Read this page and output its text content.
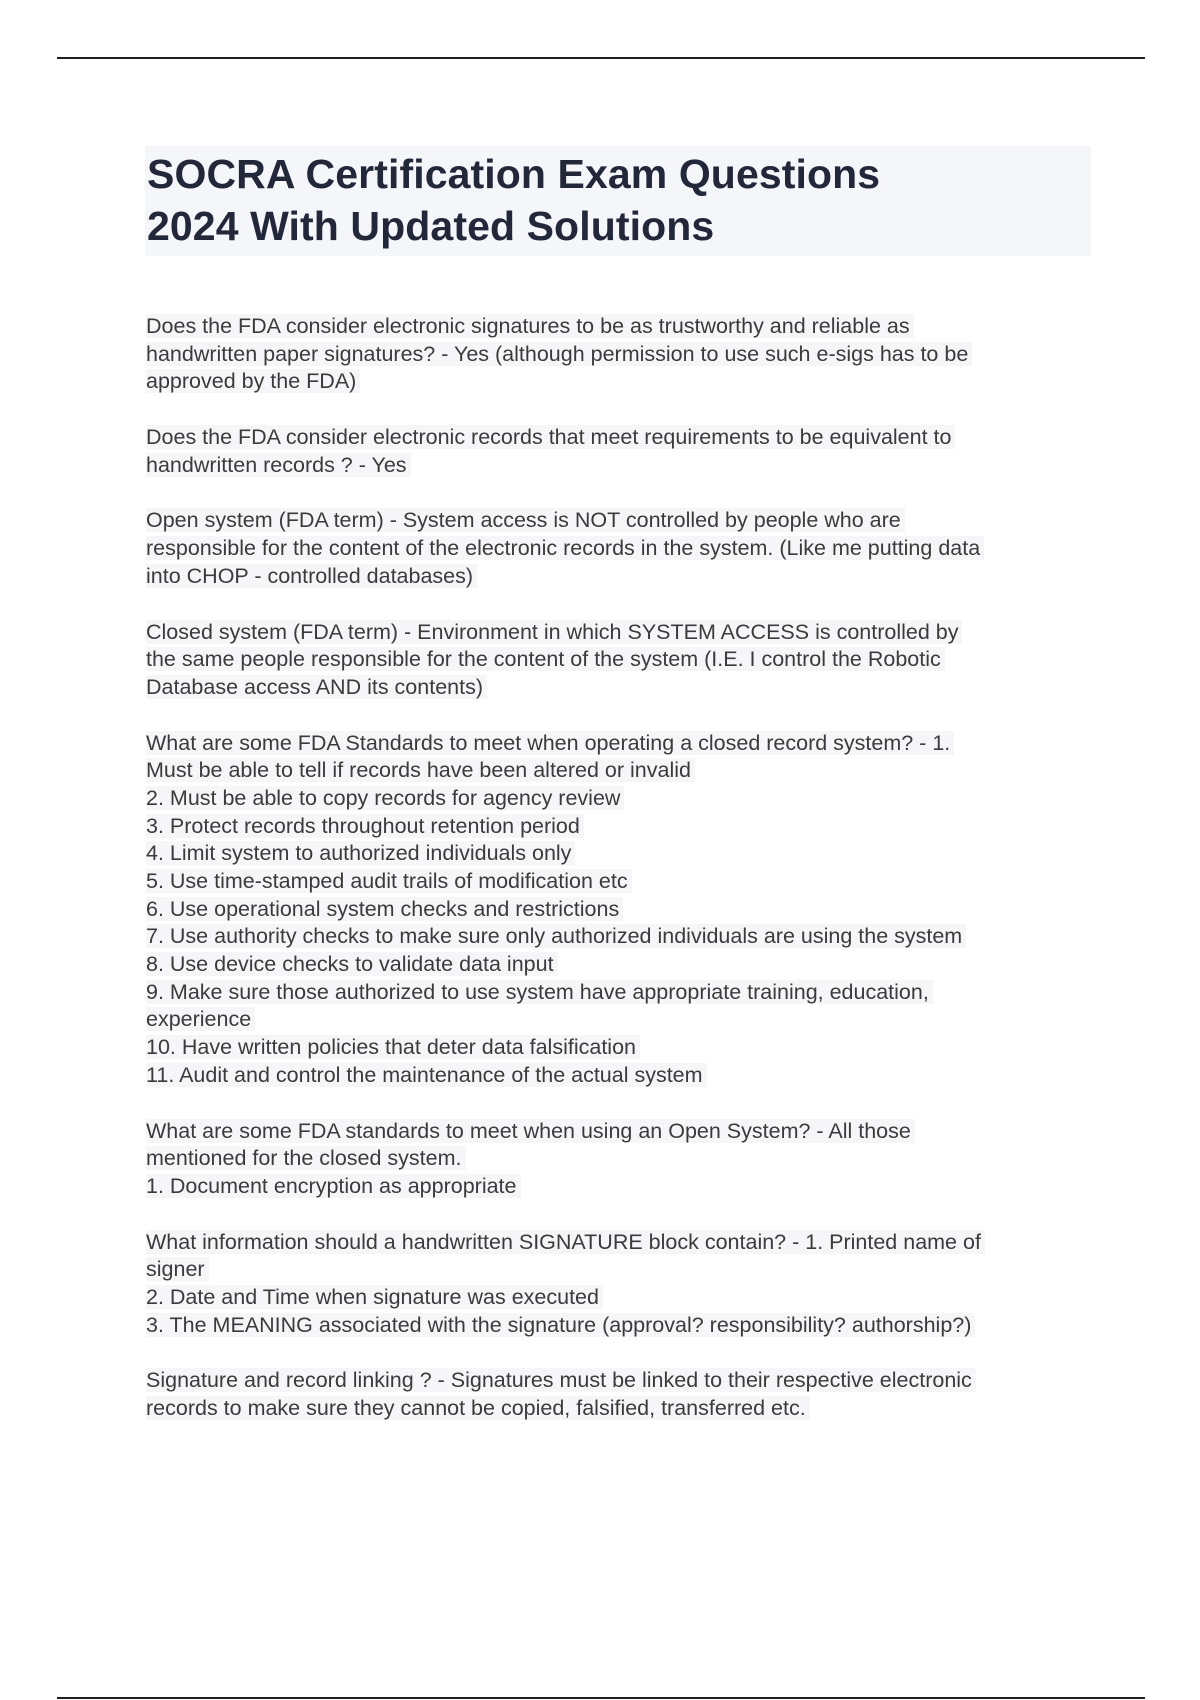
SOCRA Certification Exam Questions
2024 With Updated Solutions
Does the FDA consider electronic signatures to be as trustworthy and reliable as
handwritten paper signatures? - Yes (although permission to use such e-sigs has to be
approved by the FDA)
Does the FDA consider electronic records that meet requirements to be equivalent to
handwritten records ? - Yes
Open system (FDA term) - System access is NOT controlled by people who are
responsible for the content of the electronic records in the system. (Like me putting data
into CHOP - controlled databases)
Closed system (FDA term) - Environment in which SYSTEM ACCESS is controlled by
the same people responsible for the content of the system (I.E. I control the Robotic
Database access AND its contents)
What are some FDA Standards to meet when operating a closed record system? - 1.
Must be able to tell if records have been altered or invalid
2. Must be able to copy records for agency review
3. Protect records throughout retention period
4. Limit system to authorized individuals only
5. Use time-stamped audit trails of modification etc
6. Use operational system checks and restrictions
7. Use authority checks to make sure only authorized individuals are using the system
8. Use device checks to validate data input
9. Make sure those authorized to use system have appropriate training, education,
experience
10. Have written policies that deter data falsification
11. Audit and control the maintenance of the actual system
What are some FDA standards to meet when using an Open System? - All those
mentioned for the closed system.
1. Document encryption as appropriate
What information should a handwritten SIGNATURE block contain? - 1. Printed name of
signer
2. Date and Time when signature was executed
3. The MEANING associated with the signature (approval? responsibility? authorship?)
Signature and record linking ? - Signatures must be linked to their respective electronic
records to make sure they cannot be copied, falsified, transferred etc.
